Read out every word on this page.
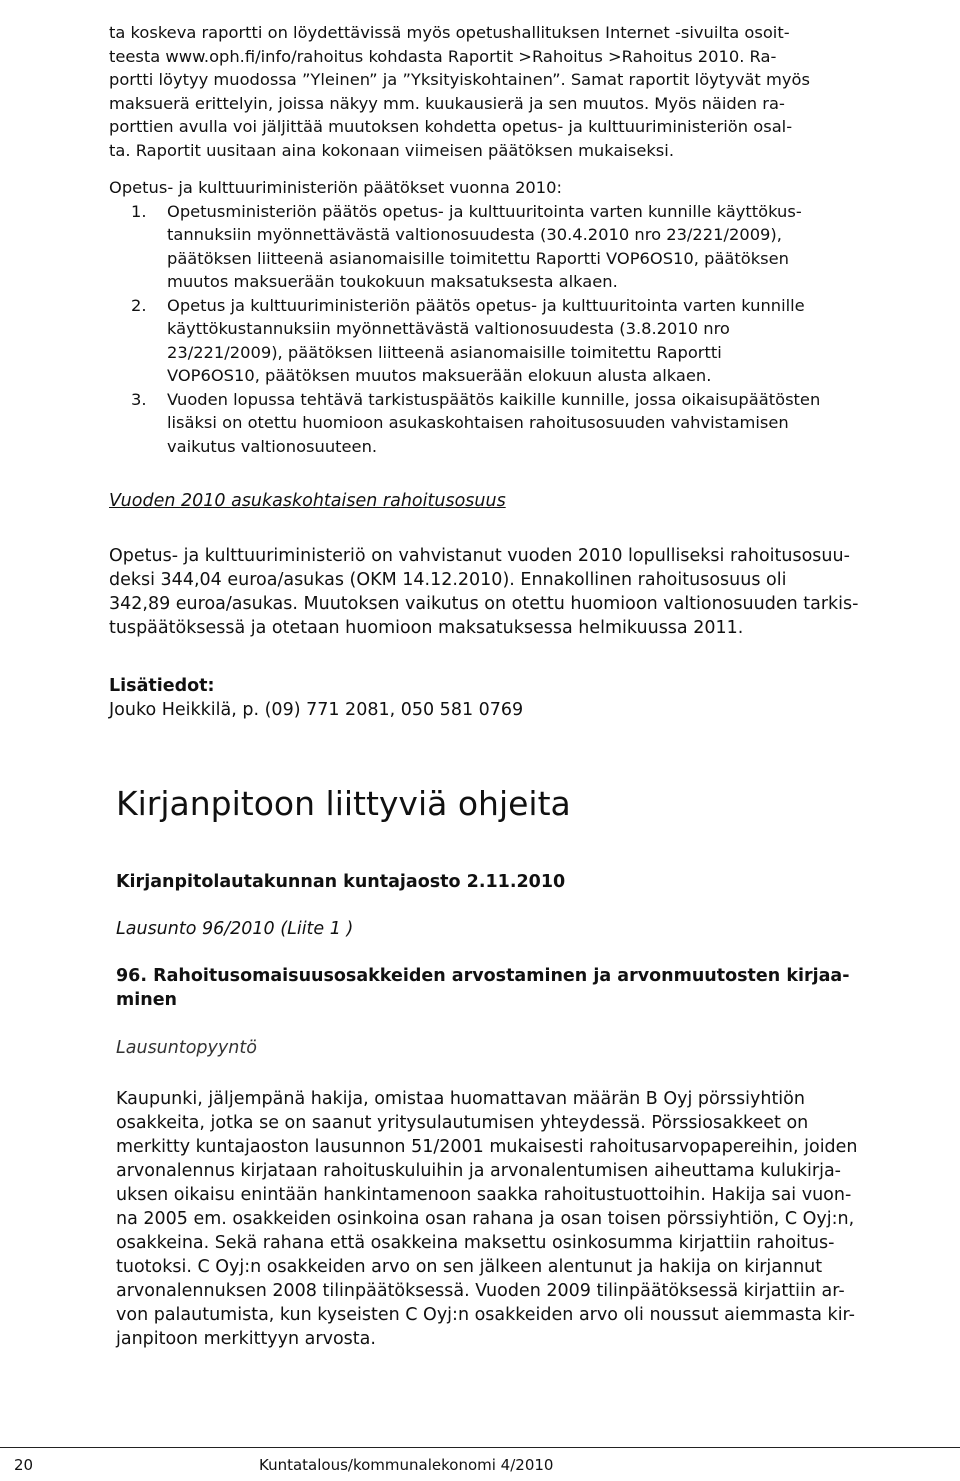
ta koskeva raportti on löydettävissä myös opetushallituksen Internet -sivuilta osoit-
teesta www.oph.fi/info/rahoitus kohdasta Raportit >Rahoitus >Rahoitus 2010. Ra-
portti löytyy muodossa ”Yleinen” ja ”Yksityiskohtainen”. Samat raportit löytyvät myös
maksuerä erittelyin, joissa näkyy mm. kuukausierä ja sen muutos. Myös näiden ra-
porttien avulla voi jäljittää muutoksen kohdetta opetus- ja kulttuuriministeriön osal-
ta. Raportit uusitaan aina kokonaan viimeisen päätöksen mukaiseksi.

Opetus- ja kulttuuriministeriön päätökset vuonna 2010:
1. Opetusministeriön päätös opetus- ja kulttuuritointa varten kunnille käyttökus-
tannuksiin myönnettävästä valtionosuudesta (30.4.2010 nro 23/221/2009),
päätöksen liitteenä asianomaisille toimitettu Raportti VOP6OS10, päätöksen
muutos maksuerään toukokuun maksatuksesta alkaen.
2. Opetus ja kulttuuriministeriön päätös opetus- ja kulttuuritointa varten kunnille
käyttökustannuksiin myönnettävästä valtionosuudesta (3.8.2010 nro
23/221/2009), päätöksen liitteenä asianomaisille toimitettu Raportti
VOP6OS10, päätöksen muutos maksuerään elokuun alusta alkaen.
3. Vuoden lopussa tehtävä tarkistuspäätös kaikille kunnille, jossa oikaisupäätösten
lisäksi on otettu huomioon asukaskohtaisen rahoitusosuuden vahvistamisen
vaikutus valtionosuuteen.
Vuoden 2010 asukaskohtaisen rahoitusosuus

Opetus- ja kulttuuriministeriö on vahvistanut vuoden 2010 lopulliseksi rahoitusosuu-
deksi 344,04 euroa/asukas (OKM 14.12.2010). Ennakollinen rahoitusosuus oli
342,89 euroa/asukas. Muutoksen vaikutus on otettu huomioon valtionosuuden tarkis-
tuspäätöksessä ja otetaan huomioon maksatuksessa helmikuussa 2011.

Lisätiedot:
Jouko Heikkilä, p. (09) 771 2081, 050 581 0769

Kirjanpitoon liittyviä ohjeita
Kirjanpitolautakunnan kuntajaosto 2.11.2010
Lausunto 96/2010 (Liite 1 )
96. Rahoitusomaisuusosakkeiden arvostaminen ja arvonmuutosten kirjaa-
minen
Lausuntopyyntö

Kaupunki, jäljempänä hakija, omistaa huomattavan määrän B Oyj pörssiyhtiön
osakkeita, jotka se on saanut yritysulautumisen yhteydessä. Pörssiosakkeet on
merkitty kuntajaoston lausunnon 51/2001 mukaisesti rahoitusarvopapereihin, joiden
arvonalennus kirjataan rahoituskuluihin ja arvonalentumisen aiheuttama kulukirja-
uksen oikaisu enintään hankintamenoon saakka rahoitustuottoihin. Hakija sai vuon-
na 2005 em. osakkeiden osinkoina osan rahana ja osan toisen pörssiyhtiön, C Oyj:n,
osakkeina. Sekä rahana että osakkeina maksettu osinkosumma kirjattiin rahoitus-
tuotoksi. C Oyj:n osakkeiden arvo on sen jälkeen alentunut ja hakija on kirjannut
arvonalennuksen 2008 tilinpäätöksessä. Vuoden 2009 tilinpäätöksessä kirjattiin ar-
von palautumista, kun kyseisten C Oyj:n osakkeiden arvo oli noussut aiemmasta kir-
janpitoon merkittyyn arvosta.

20	Kuntatalous/kommunalekonomi 4/2010
